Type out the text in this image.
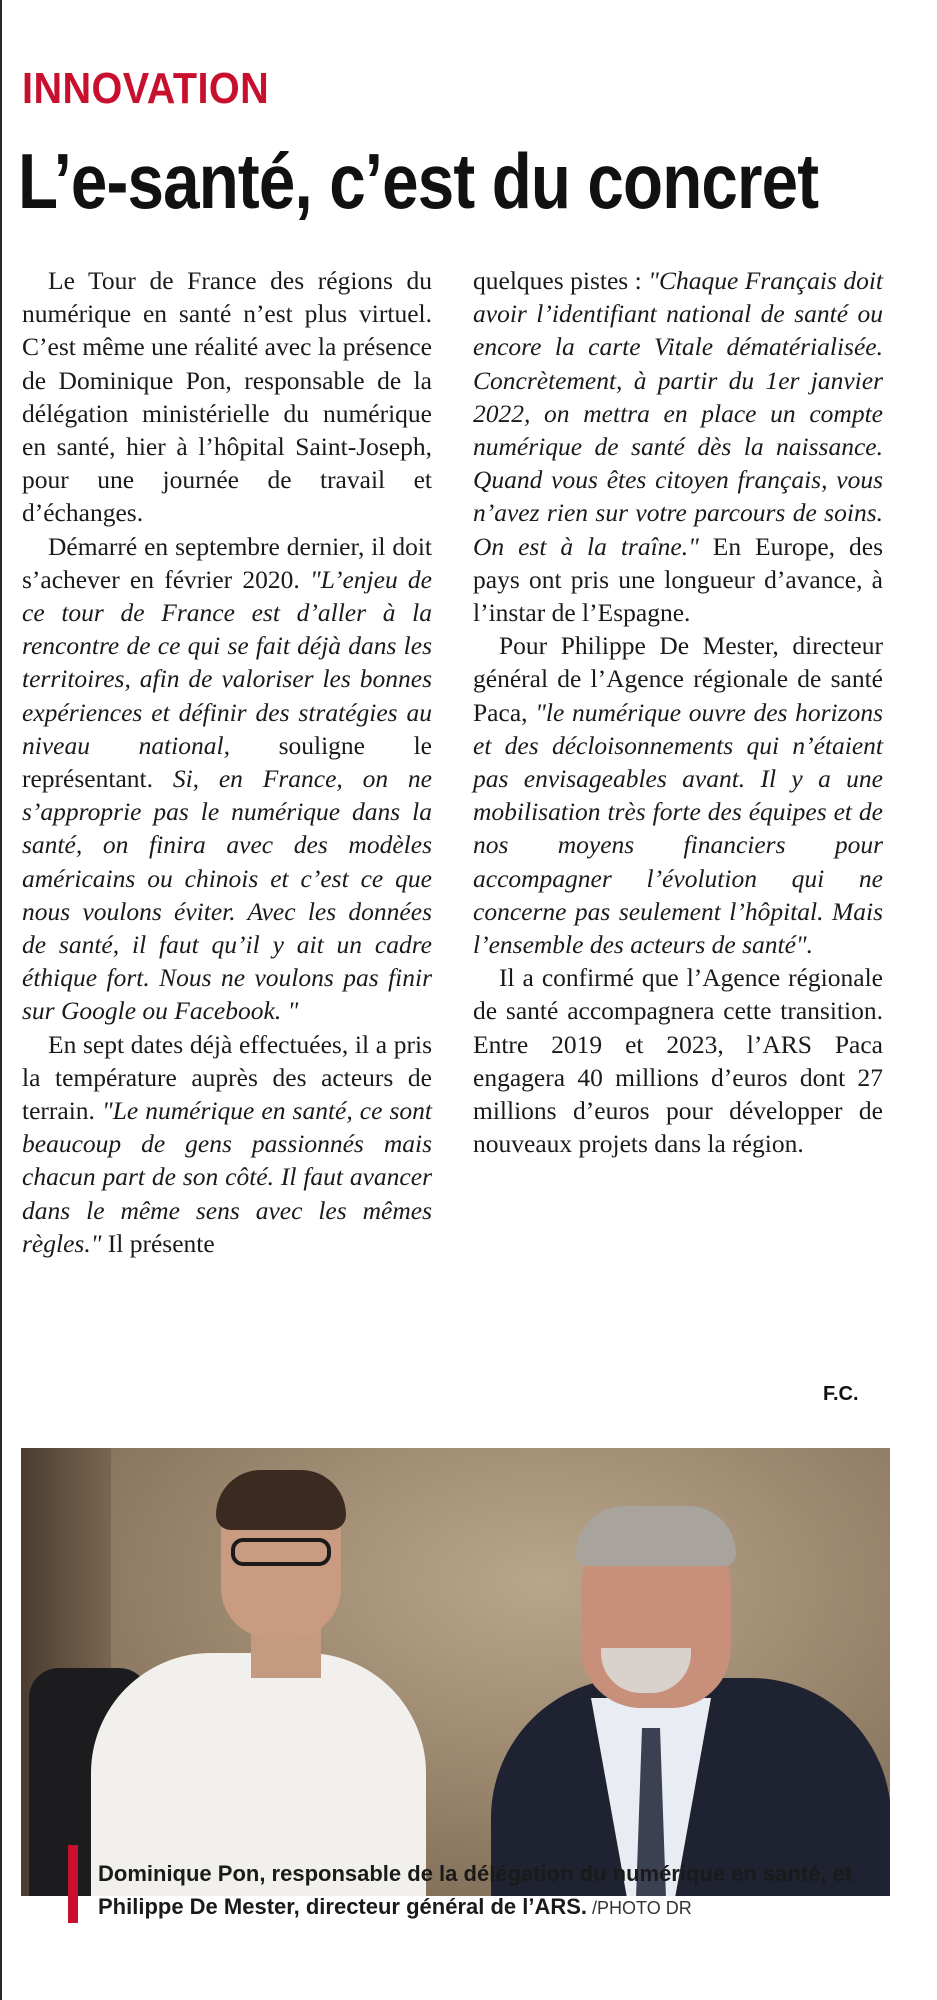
INNOVATION
L’e-santé, c’est du concret

Le Tour de France des régions du numérique en santé n’est plus virtuel. C’est même une réalité avec la présence de Dominique Pon, responsable de la délégation ministérielle du numérique en santé, hier à l’hôpital Saint-Joseph, pour une journée de travail et d’échanges.

Démarré en septembre dernier, il doit s’achever en février 2020. "L’enjeu de ce tour de France est d’aller à la rencontre de ce qui se fait déjà dans les territoires, afin de valoriser les bonnes expériences et définir des stratégies au niveau national, souligne le représentant. Si, en France, on ne s’approprie pas le numérique dans la santé, on finira avec des modèles américains ou chinois et c’est ce que nous voulons éviter. Avec les données de santé, il faut qu’il y ait un cadre éthique fort. Nous ne voulons pas finir sur Google ou Facebook. "

En sept dates déjà effectuées, il a pris la température auprès des acteurs de terrain. "Le numérique en santé, ce sont beaucoup de gens passionnés mais chacun part de son côté. Il faut avancer dans le même sens avec les mêmes règles." Il présente

quelques pistes : "Chaque Français doit avoir l’identifiant national de santé ou encore la carte Vitale dématérialisée. Concrètement, à partir du 1er janvier 2022, on mettra en place un compte numérique de santé dès la naissance. Quand vous êtes citoyen français, vous n’avez rien sur votre parcours de soins. On est à la traîne." En Europe, des pays ont pris une longueur d’avance, à l’instar de l’Espagne.

Pour Philippe De Mester, directeur général de l’Agence régionale de santé Paca, "le numérique ouvre des horizons et des décloisonnements qui n’étaient pas envisageables avant. Il y a une mobilisation très forte des équipes et de nos moyens financiers pour accompagner l’évolution qui ne concerne pas seulement l’hôpital. Mais l’ensemble des acteurs de santé".

Il a confirmé que l’Agence régionale de santé accompagnera cette transition. Entre 2019 et 2023, l’ARS Paca engagera 40 millions d’euros dont 27 millions d’euros pour développer de nouveaux projets dans la région.

F.C.
Dominique Pon, responsable de la délégation du numérique en santé, et Philippe De Mester, directeur général de l’ARS. /PHOTO DR
